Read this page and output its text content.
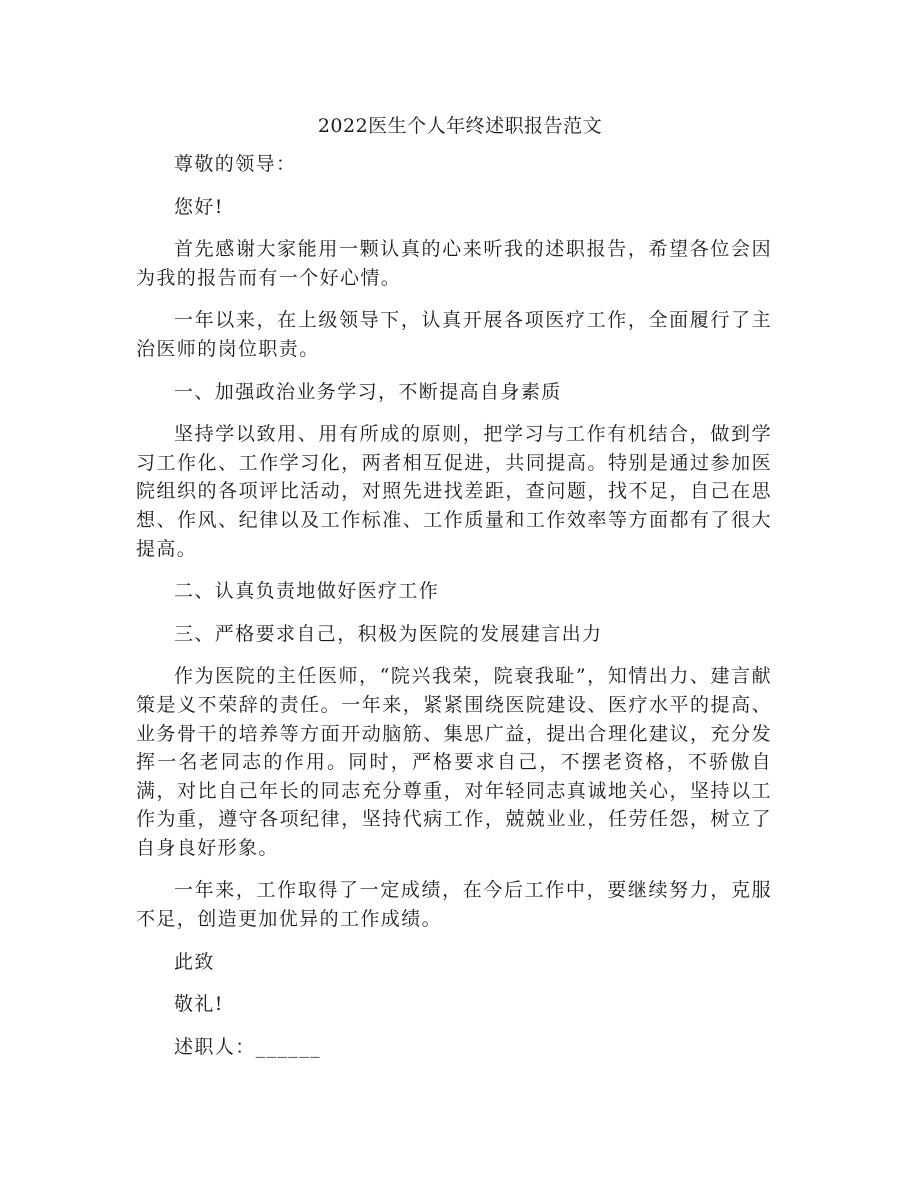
2022医生个人年终述职报告范文

尊敬的领导：

您好!

首先感谢大家能用一颗认真的心来听我的述职报告，希望各位会因为我的报告而有一个好心情。

一年以来，在上级领导下，认真开展各项医疗工作，全面履行了主治医师的岗位职责。

一、加强政治业务学习，不断提高自身素质

坚持学以致用、用有所成的原则，把学习与工作有机结合，做到学习工作化、工作学习化，两者相互促进，共同提高。特别是通过参加医院组织的各项评比活动，对照先进找差距，查问题，找不足，自己在思想、作风、纪律以及工作标准、工作质量和工作效率等方面都有了很大提高。

二、认真负责地做好医疗工作

三、严格要求自己，积极为医院的发展建言出力

作为医院的主任医师，“院兴我荣，院衰我耻”，知情出力、建言献策是义不荣辞的责任。一年来，紧紧围绕医院建设、医疗水平的提高、业务骨干的培养等方面开动脑筋、集思广益，提出合理化建议，充分发挥一名老同志的作用。同时，严格要求自己，不摆老资格，不骄傲自满，对比自己年长的同志充分尊重，对年轻同志真诚地关心，坚持以工作为重，遵守各项纪律，坚持代病工作，兢兢业业，任劳任怨，树立了自身良好形象。

一年来，工作取得了一定成绩，在今后工作中，要继续努力，克服不足，创造更加优异的工作成绩。

此致

敬礼!

述职人：______
